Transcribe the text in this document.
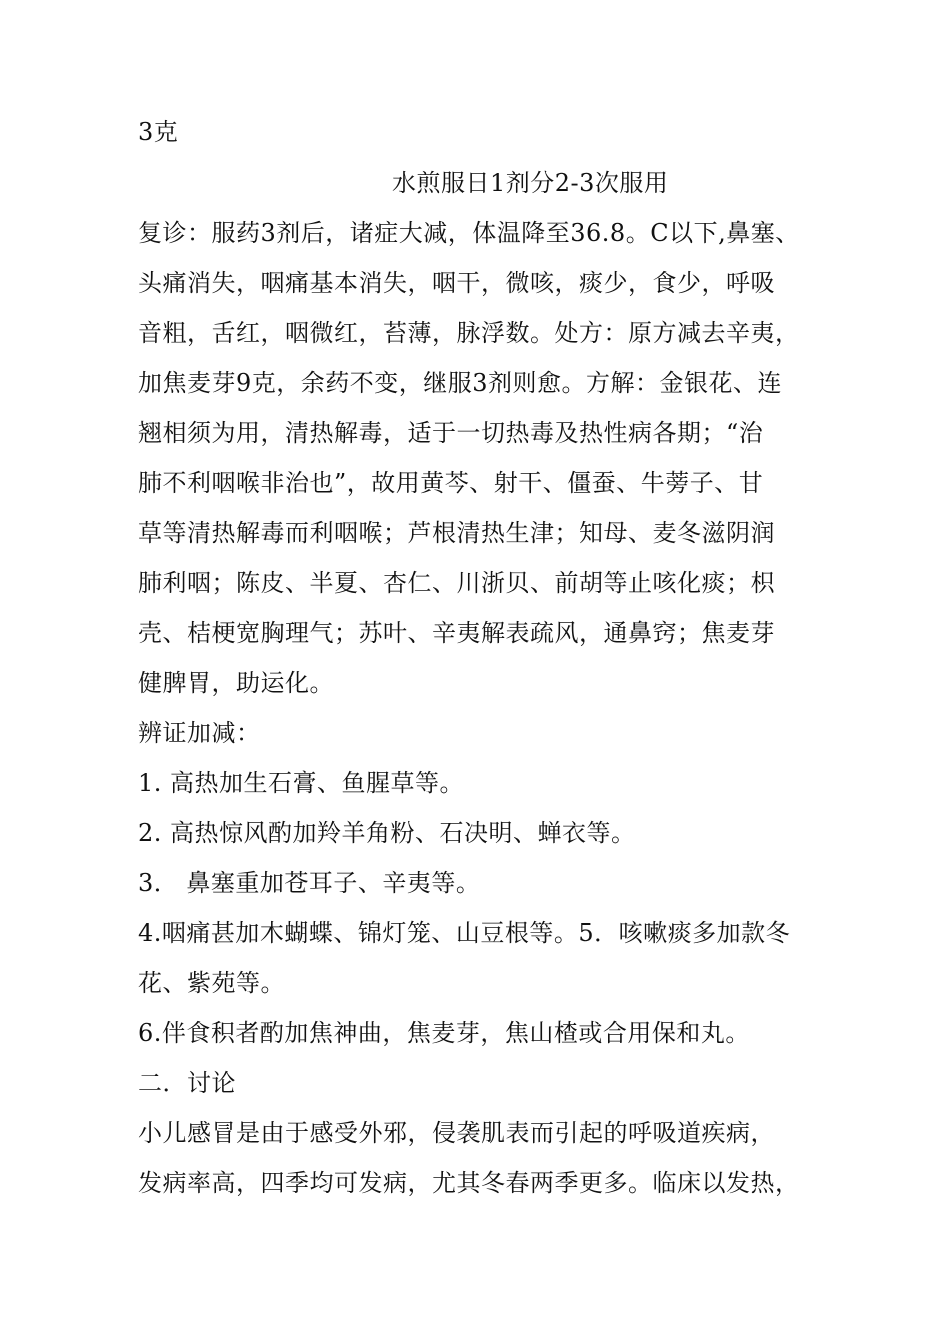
3克
水煎服日1剂分2-3次服用
复诊：服药3剂后，诸症大减，体温降至36.8。C以下,鼻塞、
头痛消失，咽痛基本消失，咽干，微咳，痰少，食少，呼吸
音粗，舌红，咽微红，苔薄，脉浮数。处方：原方减去辛夷，
加焦麦芽9克，余药不变，继服3剂则愈。方解：金银花、连
翘相须为用，清热解毒，适于一切热毒及热性病各期；“治
肺不利咽喉非治也”，故用黄芩、射干、僵蚕、牛蒡子、甘
草等清热解毒而利咽喉；芦根清热生津；知母、麦冬滋阴润
肺利咽；陈皮、半夏、杏仁、川浙贝、前胡等止咳化痰；枳
壳、桔梗宽胸理气；苏叶、辛夷解表疏风，通鼻窍；焦麦芽
健脾胃，助运化。
辨证加减：
1. 高热加生石膏、鱼腥草等。
2. 高热惊风酌加羚羊角粉、石决明、蝉衣等。
3． 鼻塞重加苍耳子、辛夷等。
4.咽痛甚加木蝴蝶、锦灯笼、山豆根等。5．咳嗽痰多加款冬
花、紫苑等。
6.伴食积者酌加焦神曲，焦麦芽，焦山楂或合用保和丸。
二．讨论
小儿感冒是由于感受外邪，侵袭肌表而引起的呼吸道疾病，
发病率高，四季均可发病，尤其冬春两季更多。临床以发热，
